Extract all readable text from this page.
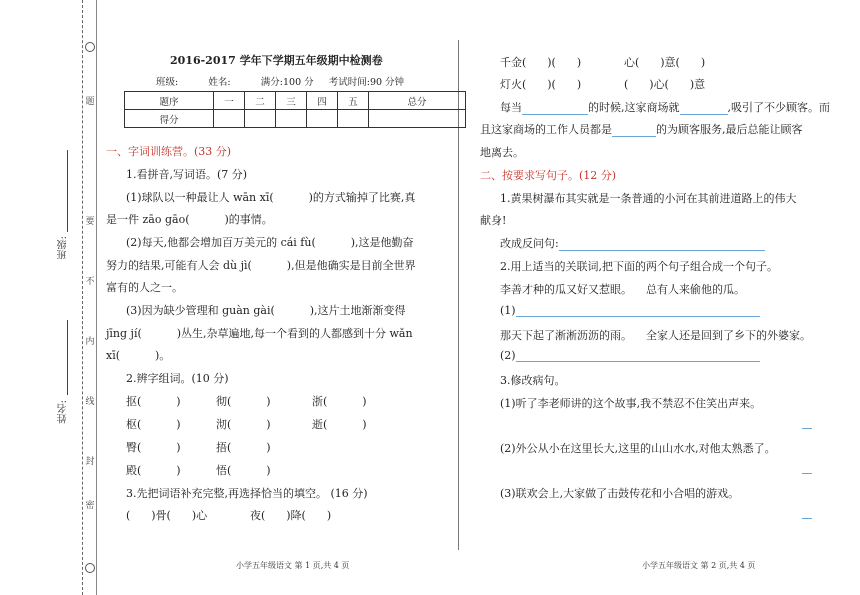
题
要
不
内
线
封
密
班级:
姓名:
2016-2017 学年下学期五年级期中检测卷
班级:          姓名:          满分:100 分     考试时间:90 分钟
题序	一	二	三	四	五	总分
得分						
一、字词训练营。(33 分)
1.看拼音,写词语。(7 分)
(1)球队以一种最让人 wān xī(          )的方式输掉了比赛,真
是一件 zāo gāo(          )的事情。
(2)每天,他都会增加百万美元的 cái fù(          ),这是他勤奋
努力的结果,可能有人会 dù jì(          ),但是他确实是目前全世界
富有的人之一。
(3)因为缺少管理和 guàn gài(          ),这片土地渐渐变得
jīng jí(          )丛生,杂草遍地,每一个看到的人都感到十分 wǎn
xī(          )。
2.辨字组词。(10 分)
抠(          )	彻(          )	浙(          )
枢(          )	沏(          )	逝(          )
臀(          )	捂(          )
殿(          )	悟(          )
3.先把词语补充完整,再选择恰当的填空。 (16 分)
(      )骨(      )心	夜(      )降(      )
小学五年级语文 第 1 页,共 4 页
千金(      )(      )	心(      )意(      )
灯火(      )(      )	(      )心(      )意
每当	的时候,这家商场就	,吸引了不少顾客。而
且这家商场的工作人员都是	的为顾客服务,最后总能让顾客
地离去。
二、按要求写句子。(12 分)
1.黄果树瀑布其实就是一条普通的小河在其前进道路上的伟大
献身!
改成反问句:
2.用上适当的关联词,把下面的两个句子组合成一个句子。
李善才种的瓜又好又惹眼。    总有人来偷他的瓜。
(1)
那天下起了淅淅沥沥的雨。    全家人还是回到了乡下的外婆家。
(2)
3.修改病句。
(1)听了李老师讲的这个故事,我不禁忍不住笑出声来。
(2)外公从小在这里长大,这里的山山水水,对他太熟悉了。
(3)联欢会上,大家做了击鼓传花和小合唱的游戏。
小学五年级语文 第 2 页,共 4 页
